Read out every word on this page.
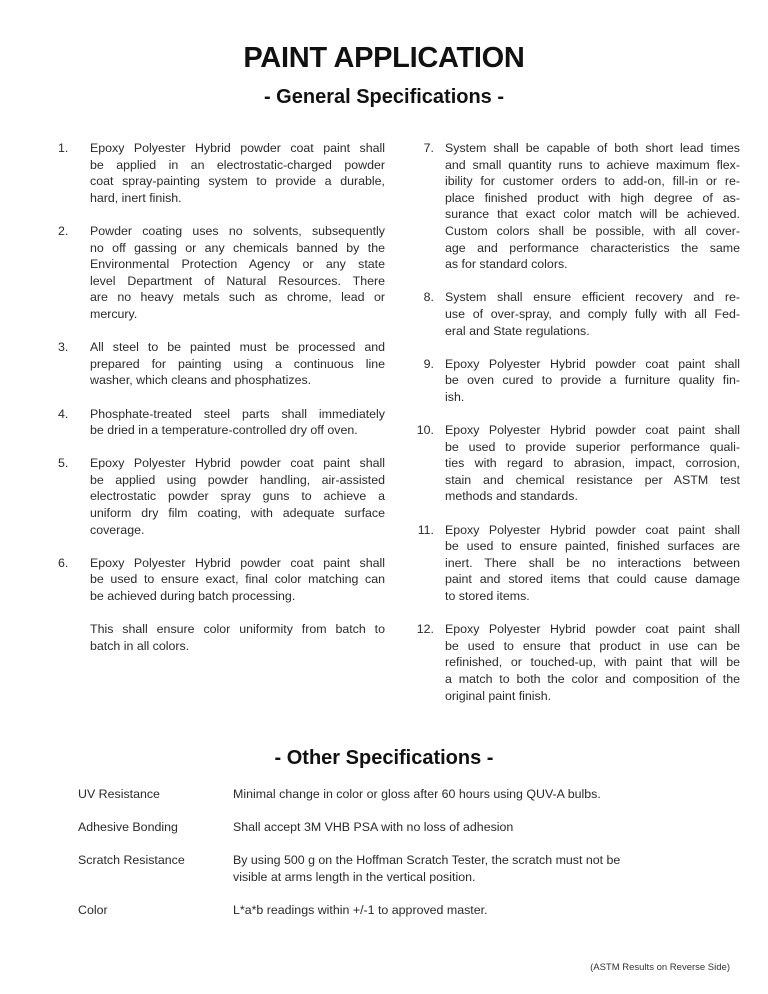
PAINT APPLICATION
- General Specifications -
1.	Epoxy Polyester Hybrid powder coat paint shall
be applied in an electrostatic-charged powder
coat spray-painting system to provide a durable,
hard, inert finish.
2.	Powder coating uses no solvents, subsequently
no off gassing or any chemicals banned by the
Environmental Protection Agency or any state
level Department of Natural Resources. There
are no heavy metals such as chrome, lead or
mercury.
3.	All steel to be painted must be processed and
prepared for painting using a continuous line
washer, which cleans and phosphatizes.
4.	Phosphate-treated steel parts shall immediately
be dried in a temperature-controlled dry off oven.
5.	Epoxy Polyester Hybrid powder coat paint shall
be applied using powder handling, air-assisted
electrostatic powder spray guns to achieve a
uniform dry film coating, with adequate surface
coverage.
6.	Epoxy Polyester Hybrid powder coat paint shall
be used to ensure exact, final color matching can
be achieved during batch processing.
This shall ensure color uniformity from batch to
batch in all colors.
7. System shall be capable of both short lead times
and small quantity runs to achieve maximum flex-
ibility for customer orders to add-on, fill-in or re-
place finished product with high degree of as-
surance that exact color match will be achieved.
Custom colors shall be possible, with all cover-
age and performance characteristics the same
as for standard colors.
8. System shall ensure efficient recovery and re-
use of over-spray, and comply fully with all Fed-
eral and State regulations.
9. Epoxy Polyester Hybrid powder coat paint shall
be oven cured to provide a furniture quality fin-
ish.
10. Epoxy Polyester Hybrid powder coat paint shall
be used to provide superior performance quali-
ties with regard to abrasion, impact, corrosion,
stain and chemical resistance per ASTM test
methods and standards.
11. Epoxy Polyester Hybrid powder coat paint shall
be used to ensure painted, finished surfaces are
inert. There shall be no interactions between
paint and stored items that could cause damage
to stored items.
12. Epoxy Polyester Hybrid powder coat paint shall
be used to ensure that product in use can be
refinished, or touched-up, with paint that will be
a match to both the color and composition of the
original paint finish.
- Other Specifications -
UV Resistance	Minimal change in color or gloss after 60 hours using QUV-A bulbs.
Adhesive Bonding	Shall accept 3M VHB PSA with no loss of adhesion
Scratch Resistance	By using 500 g on the Hoffman Scratch Tester, the scratch must not be
visible at arms length in the vertical position.
Color	L*a*b readings within +/-1 to approved master.
(ASTM Results on Reverse Side)
